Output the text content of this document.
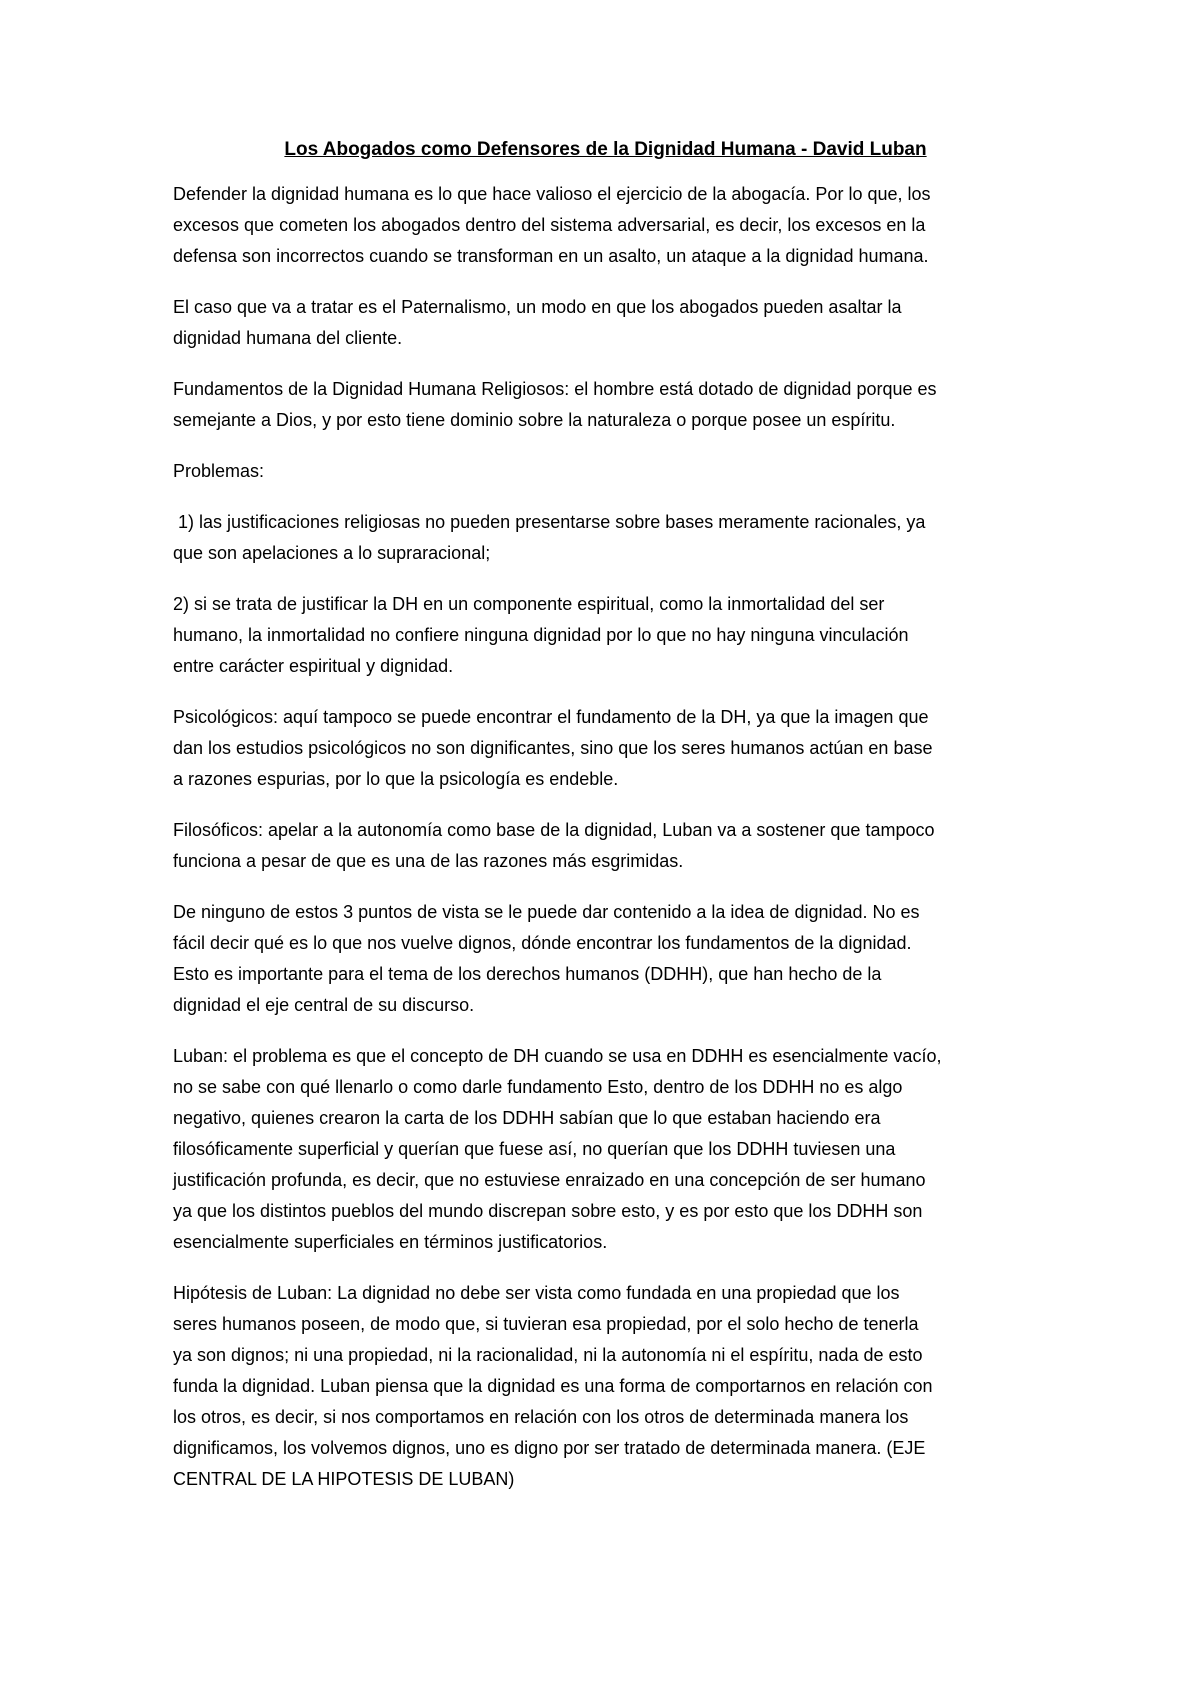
Los Abogados como Defensores de la Dignidad Humana - David Luban

Defender la dignidad humana es lo que hace valioso el ejercicio de la abogacía. Por lo que, los
excesos que cometen los abogados dentro del sistema adversarial, es decir, los excesos en la
defensa son incorrectos cuando se transforman en un asalto, un ataque a la dignidad humana.

El caso que va a tratar es el Paternalismo, un modo en que los abogados pueden asaltar la
dignidad humana del cliente.

Fundamentos de la Dignidad Humana Religiosos: el hombre está dotado de dignidad porque es
semejante a Dios, y por esto tiene dominio sobre la naturaleza o porque posee un espíritu.

Problemas:

1) las justificaciones religiosas no pueden presentarse sobre bases meramente racionales, ya
que son apelaciones a lo supraracional;

2) si se trata de justificar la DH en un componente espiritual, como la inmortalidad del ser
humano, la inmortalidad no confiere ninguna dignidad por lo que no hay ninguna vinculación
entre carácter espiritual y dignidad.

Psicológicos: aquí tampoco se puede encontrar el fundamento de la DH, ya que la imagen que
dan los estudios psicológicos no son dignificantes, sino que los seres humanos actúan en base
a razones espurias, por lo que la psicología es endeble.

Filosóficos: apelar a la autonomía como base de la dignidad, Luban va a sostener que tampoco
funciona a pesar de que es una de las razones más esgrimidas.

De ninguno de estos 3 puntos de vista se le puede dar contenido a la idea de dignidad. No es
fácil decir qué es lo que nos vuelve dignos, dónde encontrar los fundamentos de la dignidad.
Esto es importante para el tema de los derechos humanos (DDHH), que han hecho de la
dignidad el eje central de su discurso.

Luban: el problema es que el concepto de DH cuando se usa en DDHH es esencialmente vacío,
no se sabe con qué llenarlo o como darle fundamento Esto, dentro de los DDHH no es algo
negativo, quienes crearon la carta de los DDHH sabían que lo que estaban haciendo era
filosóficamente superficial y querían que fuese así, no querían que los DDHH tuviesen una
justificación profunda, es decir, que no estuviese enraizado en una concepción de ser humano
ya que los distintos pueblos del mundo discrepan sobre esto, y es por esto que los DDHH son
esencialmente superficiales en términos justificatorios.

Hipótesis de Luban: La dignidad no debe ser vista como fundada en una propiedad que los
seres humanos poseen, de modo que, si tuvieran esa propiedad, por el solo hecho de tenerla
ya son dignos; ni una propiedad, ni la racionalidad, ni la autonomía ni el espíritu, nada de esto
funda la dignidad. Luban piensa que la dignidad es una forma de comportarnos en relación con
los otros, es decir, si nos comportamos en relación con los otros de determinada manera los
dignificamos, los volvemos dignos, uno es digno por ser tratado de determinada manera. (EJE
CENTRAL DE LA HIPOTESIS DE LUBAN)
